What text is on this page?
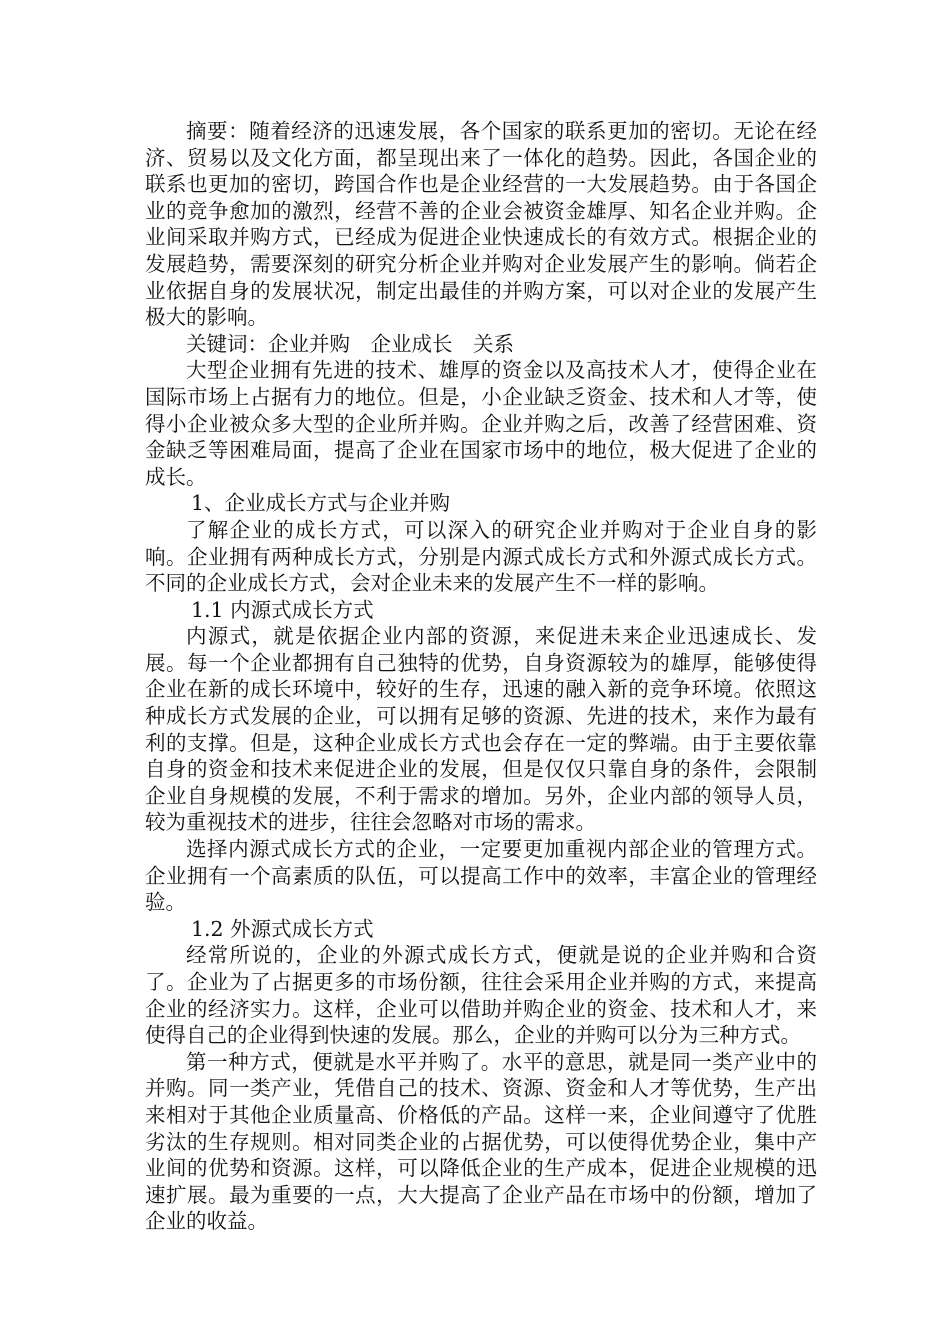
摘要：随着经济的迅速发展，各个国家的联系更加的密切。无论在经济、贸易以及文化方面，都呈现出来了一体化的趋势。因此，各国企业的联系也更加的密切，跨国合作也是企业经营的一大发展趋势。由于各国企业的竞争愈加的激烈，经营不善的企业会被资金雄厚、知名企业并购。企业间采取并购方式，已经成为促进企业快速成长的有效方式。根据企业的发展趋势，需要深刻的研究分析企业并购对企业发展产生的影响。倘若企业依据自身的发展状况，制定出最佳的并购方案，可以对企业的发展产生极大的影响。

关键词：企业并购　企业成长　关系

大型企业拥有先进的技术、雄厚的资金以及高技术人才，使得企业在国际市场上占据有力的地位。但是，小企业缺乏资金、技术和人才等，使得小企业被众多大型的企业所并购。企业并购之后，改善了经营困难、资金缺乏等困难局面，提高了企业在国家市场中的地位，极大促进了企业的成长。

1、企业成长方式与企业并购

了解企业的成长方式，可以深入的研究企业并购对于企业自身的影响。企业拥有两种成长方式，分别是内源式成长方式和外源式成长方式。不同的企业成长方式，会对企业未来的发展产生不一样的影响。

1.1 内源式成长方式

内源式，就是依据企业内部的资源，来促进未来企业迅速成长、发展。每一个企业都拥有自己独特的优势，自身资源较为的雄厚，能够使得企业在新的成长环境中，较好的生存，迅速的融入新的竞争环境。依照这种成长方式发展的企业，可以拥有足够的资源、先进的技术，来作为最有利的支撑。但是，这种企业成长方式也会存在一定的弊端。由于主要依靠自身的资金和技术来促进企业的发展，但是仅仅只靠自身的条件，会限制企业自身规模的发展，不利于需求的增加。另外，企业内部的领导人员，较为重视技术的进步，往往会忽略对市场的需求。

选择内源式成长方式的企业，一定要更加重视内部企业的管理方式。企业拥有一个高素质的队伍，可以提高工作中的效率，丰富企业的管理经验。

1.2 外源式成长方式

经常所说的，企业的外源式成长方式，便就是说的企业并购和合资了。企业为了占据更多的市场份额，往往会采用企业并购的方式，来提高企业的经济实力。这样，企业可以借助并购企业的资金、技术和人才，来使得自己的企业得到快速的发展。那么，企业的并购可以分为三种方式。

第一种方式，便就是水平并购了。水平的意思，就是同一类产业中的并购。同一类产业，凭借自己的技术、资源、资金和人才等优势，生产出来相对于其他企业质量高、价格低的产品。这样一来，企业间遵守了优胜劣汰的生存规则。相对同类企业的占据优势，可以使得优势企业，集中产业间的优势和资源。这样，可以降低企业的生产成本，促进企业规模的迅速扩展。最为重要的一点，大大提高了企业产品在市场中的份额，增加了企业的收益。
